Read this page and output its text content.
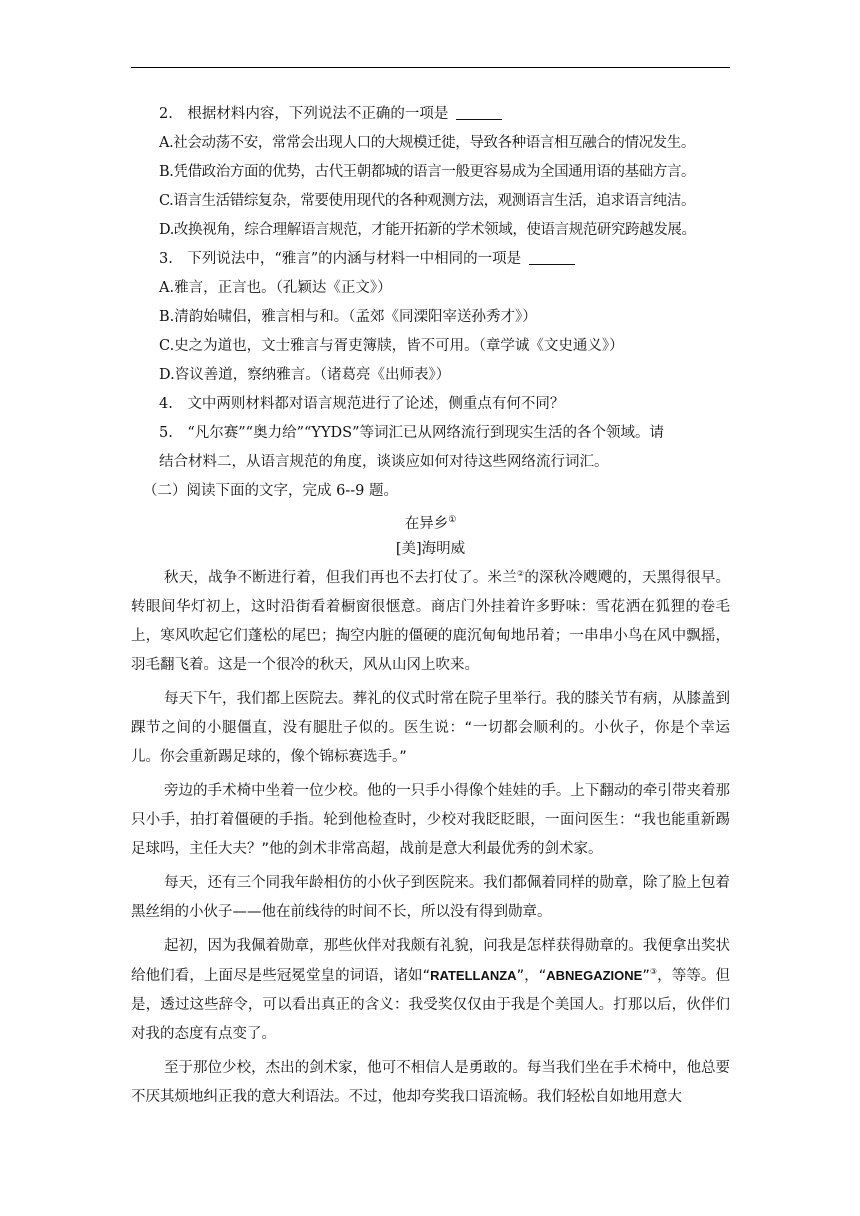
2.　根据材料内容，下列说法不正确的一项是
A.社会动荡不安，常常会出现人口的大规模迁徙，导致各种语言相互融合的情况发生。
B.凭借政治方面的优势，古代王朝都城的语言一般更容易成为全国通用语的基础方言。
C.语言生活错综复杂，常要使用现代的各种观测方法，观测语言生活，追求语言纯洁。
D.改换视角，综合理解语言规范，才能开拓新的学术领域，使语言规范研究跨越发展。
3.　下列说法中，“雅言”的内涵与材料一中相同的一项是
A.雅言，正言也。（孔颖达《正文》）
B.清韵始啸侣，雅言相与和。（孟郊《同溧阳宰送孙秀才》）
C.史之为道也，文士雅言与胥吏簿牍，皆不可用。（章学诚《文史通义》）
D.咨议善道，察纳雅言。（诸葛亮《出师表》）
4.　文中两则材料都对语言规范进行了论述，侧重点有何不同？
5.　“凡尔赛”“奥力给”“YYDS”等词汇已从网络流行到现实生活的各个领域。请
结合材料二，从语言规范的角度，谈谈应如何对待这些网络流行词汇。
（二）阅读下面的文字，完成 6--9 题。
在异乡①
[美]海明威

秋天，战争不断进行着，但我们再也不去打仗了。米兰②的深秋冷飕飕的，天黑得很早。转眼间华灯初上，这时沿街看着橱窗很惬意。商店门外挂着许多野味：雪花洒在狐狸的卷毛上，寒风吹起它们蓬松的尾巴；掏空内脏的僵硬的鹿沉甸甸地吊着；一串串小鸟在风中飘摇，羽毛翻飞着。这是一个很冷的秋天，风从山冈上吹来。

每天下午，我们都上医院去。葬礼的仪式时常在院子里举行。我的膝关节有病，从膝盖到踝节之间的小腿僵直，没有腿肚子似的。医生说：“一切都会顺利的。小伙子，你是个幸运儿。你会重新踢足球的，像个锦标赛选手。”

旁边的手术椅中坐着一位少校。他的一只手小得像个娃娃的手。上下翻动的牵引带夹着那只小手，拍打着僵硬的手指。轮到他检查时，少校对我眨眨眼，一面问医生：“我也能重新踢足球吗，主任大夫？”他的剑术非常高超，战前是意大利最优秀的剑术家。

每天，还有三个同我年龄相仿的小伙子到医院来。我们都佩着同样的勋章，除了脸上包着黑丝绢的小伙子——他在前线待的时间不长，所以没有得到勋章。

起初，因为我佩着勋章，那些伙伴对我颇有礼貌，问我是怎样获得勋章的。我便拿出奖状给他们看，上面尽是些冠冕堂皇的词语，诸如“RATELLANZA”，“ABNEGAZIONE”③，等等。但是，透过这些辞令，可以看出真正的含义：我受奖仅仅由于我是个美国人。打那以后，伙伴们对我的态度有点变了。

至于那位少校，杰出的剑术家，他可不相信人是勇敢的。每当我们坐在手术椅中，他总要不厌其烦地纠正我的意大利语法。不过，他却夸奖我口语流畅。我们轻松自如地用意大
